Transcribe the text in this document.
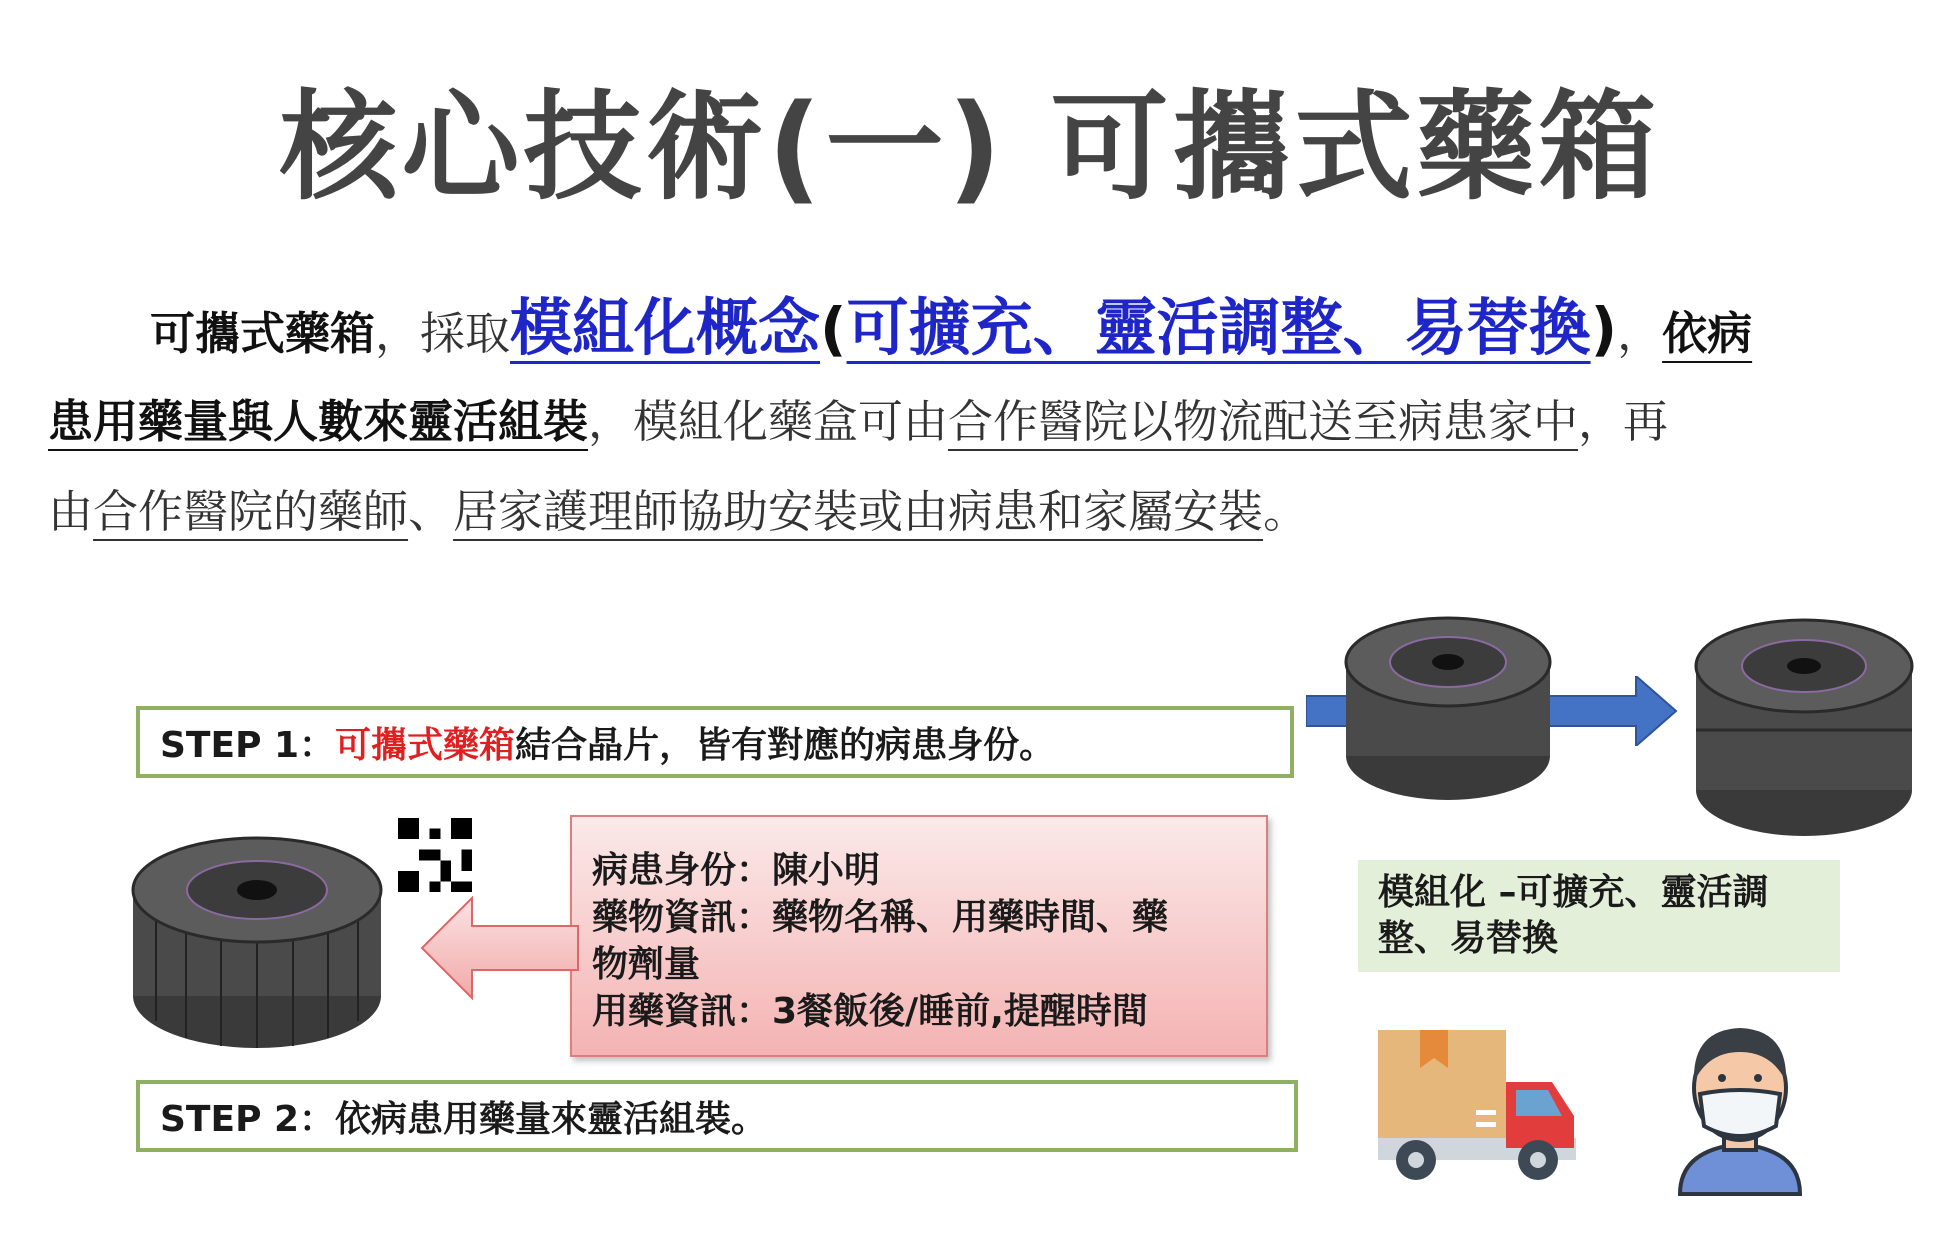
核心技術(一) 可攜式藥箱
可攜式藥箱，採取模組化概念(可擴充、靈活調整、易替換)，依病
患用藥量與人數來靈活組裝，模組化藥盒可由合作醫院以物流配送至病患家中，再
由合作醫院的藥師、居家護理師協助安裝或由病患和家屬安裝。
STEP 1： 可攜式藥箱 結合晶片，皆有對應的病患身份。
STEP 2：依病患用藥量來靈活組裝。
病患身份：陳小明
藥物資訊：藥物名稱、用藥時間、藥
物劑量
用藥資訊：3餐飯後/睡前,提醒時間
模組化 –可擴充、靈活調
整、易替換
